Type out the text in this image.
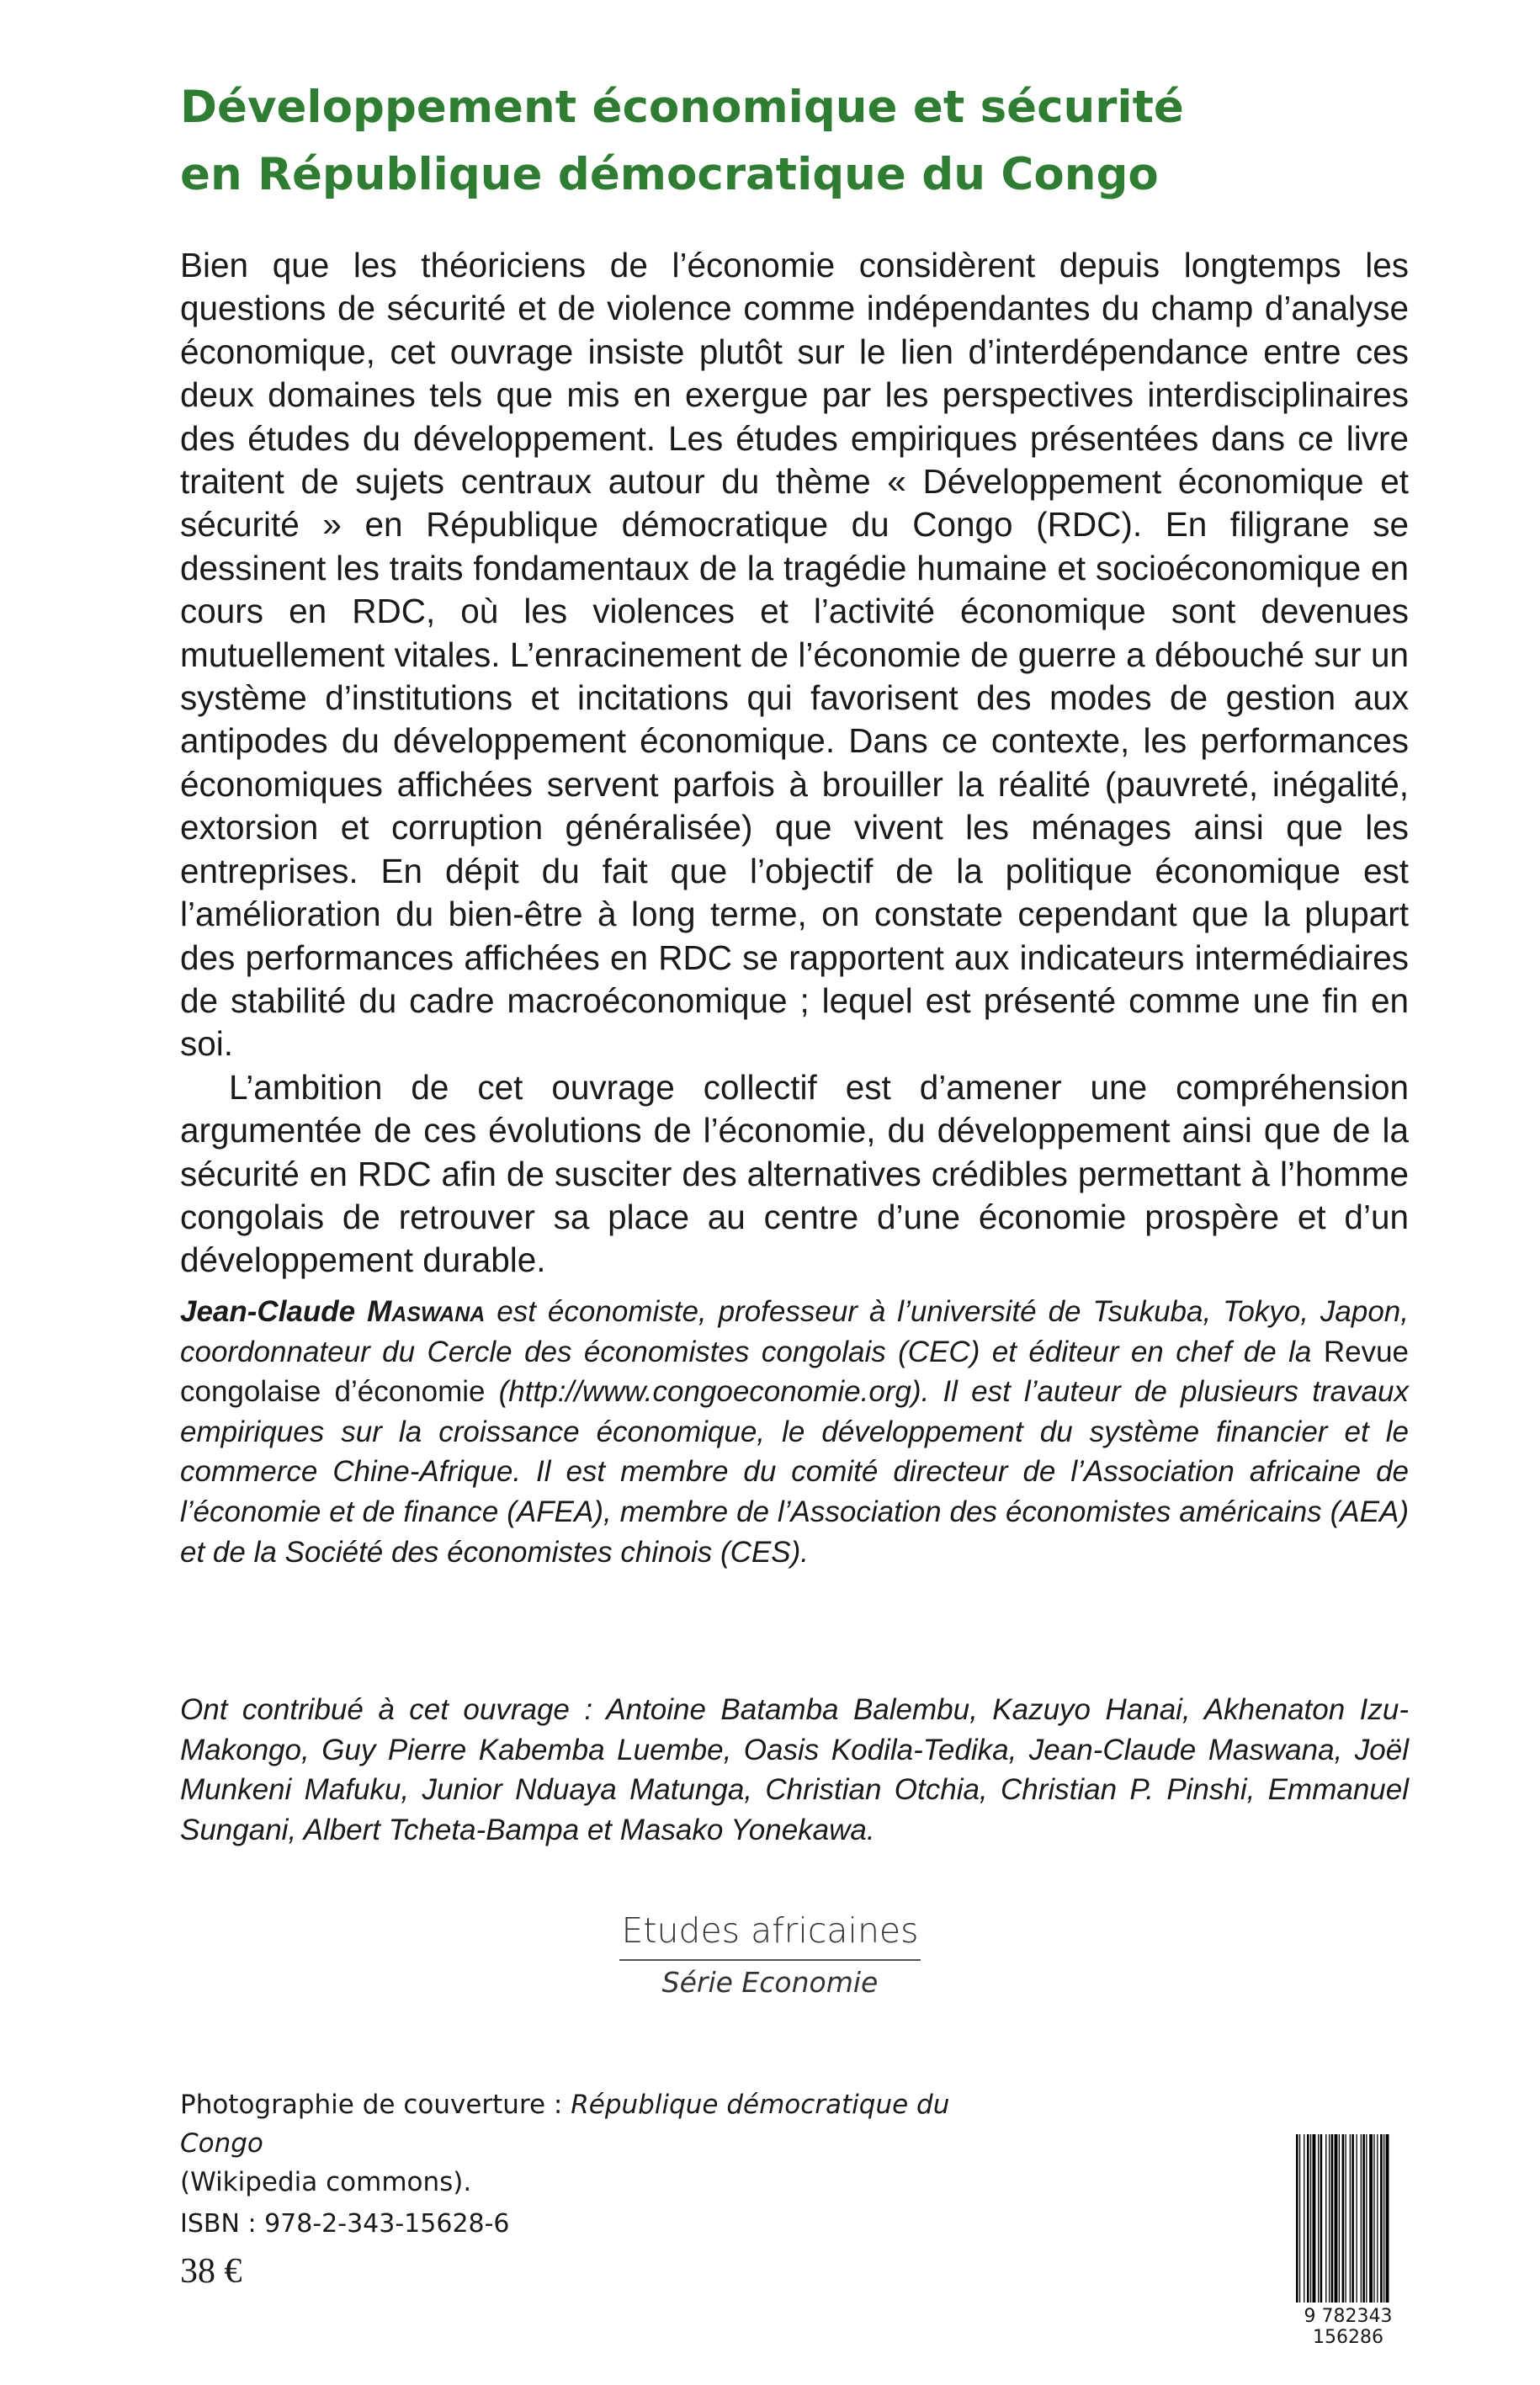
Développement économique et sécurité
en République démocratique du Congo

Bien que les théoriciens de l’économie considèrent depuis longtemps les questions de sécurité et de violence comme indépendantes du champ d’analyse économique, cet ouvrage insiste plutôt sur le lien d’interdépendance entre ces deux domaines tels que mis en exergue par les perspectives interdisciplinaires des études du développement. Les études empiriques présentées dans ce livre traitent de sujets centraux autour du thème « Développement économique et sécurité » en République démocratique du Congo (RDC). En filigrane se dessinent les traits fondamentaux de la tragédie humaine et socioéconomique en cours en RDC, où les violences et l’activité économique sont devenues mutuellement vitales. L’enracinement de l’économie de guerre a débouché sur un système d’institutions et incitations qui favorisent des modes de gestion aux antipodes du développement économique. Dans ce contexte, les performances économiques affichées servent parfois à brouiller la réalité (pauvreté, inégalité, extorsion et corruption généralisée) que vivent les ménages ainsi que les entreprises. En dépit du fait que l’objectif de la politique économique est l’amélioration du bien-être à long terme, on constate cependant que la plupart des performances affichées en RDC se rapportent aux indicateurs intermédiaires de stabilité du cadre macroéconomique ; lequel est présenté comme une fin en soi.

L’ambition de cet ouvrage collectif est d’amener une compréhension argumentée de ces évolutions de l’économie, du développement ainsi que de la sécurité en RDC afin de susciter des alternatives crédibles permettant à l’homme congolais de retrouver sa place au centre d’une économie prospère et d’un développement durable.

Jean-Claude Maswana est économiste, professeur à l’université de Tsukuba, Tokyo, Japon, coordonnateur du Cercle des économistes congolais (CEC) et éditeur en chef de la Revue congolaise d’économie (http://www.congoeconomie.org). Il est l’auteur de plusieurs travaux empiriques sur la croissance économique, le développement du système financier et le commerce Chine-Afrique. Il est membre du comité directeur de l’Association africaine de l’économie et de finance (AFEA), membre de l’Association des économistes américains (AEA) et de la Société des économistes chinois (CES).

Ont contribué à cet ouvrage : Antoine Batamba Balembu, Kazuyo Hanai, Akhenaton Izu-Makongo, Guy Pierre Kabemba Luembe, Oasis Kodila-Tedika, Jean-Claude Maswana, Joël Munkeni Mafuku, Junior Nduaya Matunga, Christian Otchia, Christian P. Pinshi, Emmanuel Sungani, Albert Tcheta-Bampa et Masako Yonekawa.

Etudes africaines
Série Economie
Photographie de couverture : République démocratique du Congo
(Wikipedia commons).
ISBN : 978-2-343-15628-6
38 €
9 782343 156286
